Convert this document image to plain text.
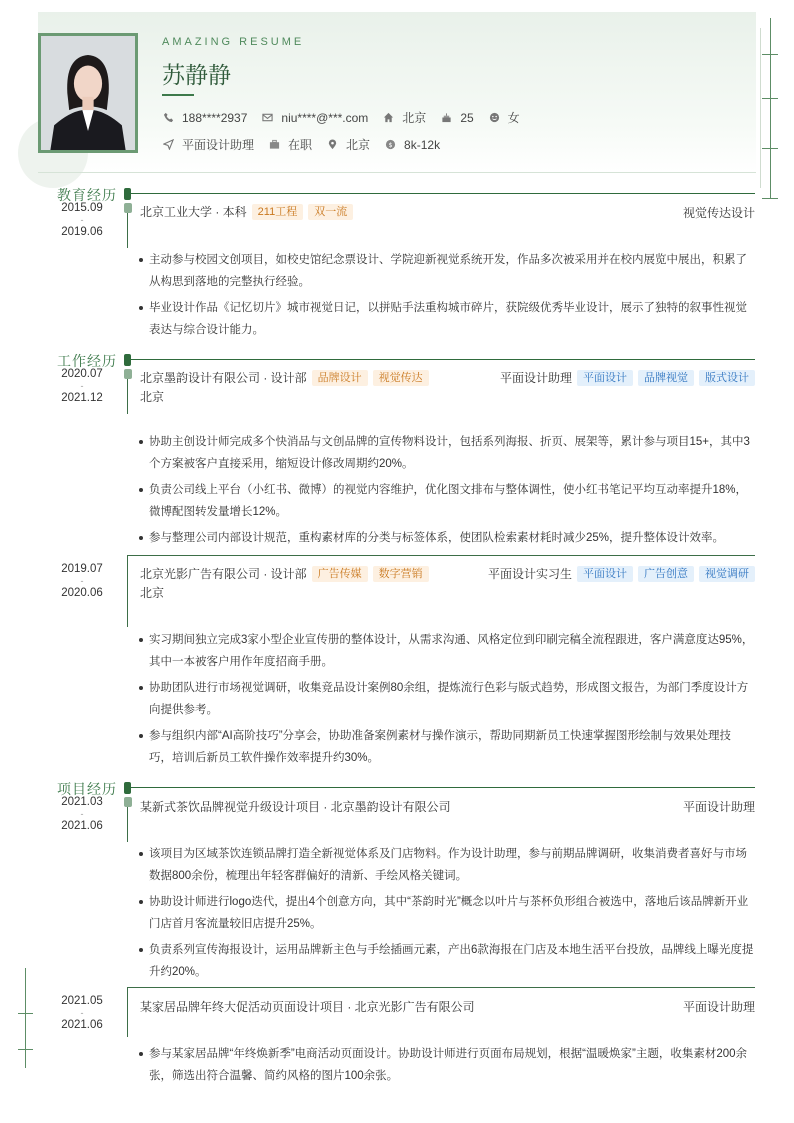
AMAZING RESUME
苏静静
188****2937	niu****@***.com	北京	25	女
平面设计助理	在职	北京	$ 8k-12k
教育经历
2015.09
-
2019.06
北京工业大学 · 本科	211工程	双一流	视觉传达设计
主动参与校园文创项目，如校史馆纪念票设计、学院迎新视觉系统开发，作品多次被采用并在校内展览中展出，积累了从构思到落地的完整执行经验。
毕业设计作品《记忆切片》城市视觉日记，以拼贴手法重构城市碎片，获院级优秀毕业设计，展示了独特的叙事性视觉表达与综合设计能力。
工作经历
2020.07
-
2021.12
北京墨韵设计有限公司 · 设计部	品牌设计	视觉传达	平面设计助理	平面设计	品牌视觉	版式设计
北京
协助主创设计师完成多个快消品与文创品牌的宣传物料设计，包括系列海报、折页、展架等，累计参与项目15+，其中3个方案被客户直接采用，缩短设计修改周期约20%。
负责公司线上平台（小红书、微博）的视觉内容维护，优化图文排布与整体调性，使小红书笔记平均互动率提升18%，微博配图转发量增长12%。
参与整理公司内部设计规范，重构素材库的分类与标签体系，使团队检索素材耗时减少25%，提升整体设计效率。
2019.07
-
2020.06
北京光影广告有限公司 · 设计部	广告传媒	数字营销	平面设计实习生	平面设计	广告创意	视觉调研
北京
实习期间独立完成3家小型企业宣传册的整体设计，从需求沟通、风格定位到印刷完稿全流程跟进，客户满意度达95%，其中一本被客户用作年度招商手册。
协助团队进行市场视觉调研，收集竞品设计案例80余组，提炼流行色彩与版式趋势，形成图文报告，为部门季度设计方向提供参考。
参与组织内部“AI高阶技巧”分享会，协助准备案例素材与操作演示，帮助同期新员工快速掌握图形绘制与效果处理技巧，培训后新员工软件操作效率提升约30%。
项目经历
2021.03
-
2021.06
某新式茶饮品牌视觉升级设计项目 · 北京墨韵设计有限公司	平面设计助理
该项目为区域茶饮连锁品牌打造全新视觉体系及门店物料。作为设计助理，参与前期品牌调研，收集消费者喜好与市场数据800余份，梳理出年轻客群偏好的清新、手绘风格关键词。
协助设计师进行logo迭代，提出4个创意方向，其中“茶韵时光”概念以叶片与茶杯负形组合被选中，落地后该品牌新开业门店首月客流量较旧店提升25%。
负责系列宣传海报设计，运用品牌新主色与手绘插画元素，产出6款海报在门店及本地生活平台投放，品牌线上曝光度提升约20%。
2021.05
-
2021.06
某家居品牌年终大促活动页面设计项目 · 北京光影广告有限公司	平面设计助理
参与某家居品牌“年终焕新季”电商活动页面设计。协助设计师进行页面布局规划，根据“温暖焕家”主题，收集素材200余张，筛选出符合温馨、简约风格的图片100余张。
